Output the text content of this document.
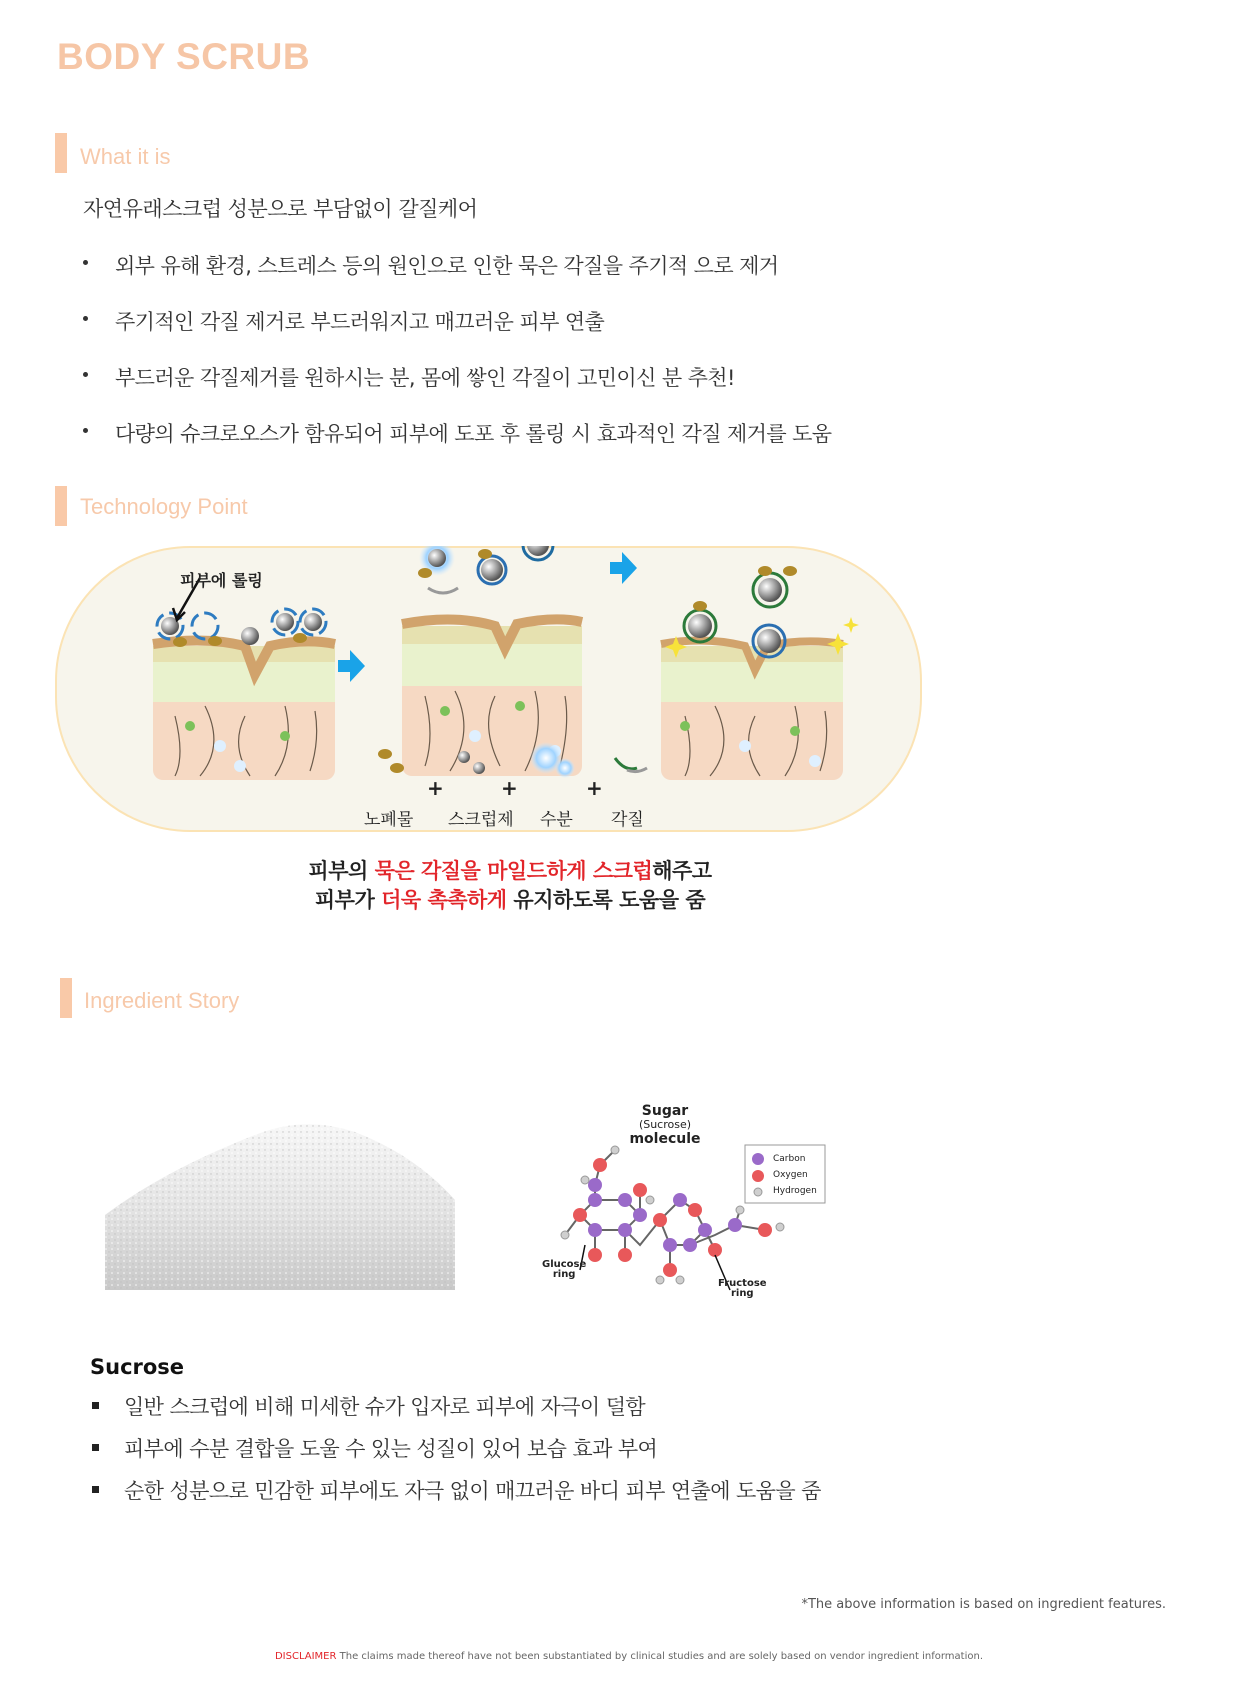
BODY SCRUB
What it is
자연유래스크럽 성분으로 부담없이 갈질케어
외부 유해 환경, 스트레스 등의 원인으로 인한 묵은 각질을 주기적 으로 제거
주기적인 각질 제거로 부드러워지고 매끄러운 피부 연출
부드러운 각질제거를 원하시는 분, 몸에 쌓인 각질이 고민이신 분 추천!
다량의 슈크로오스가 함유되어 피부에 도포 후 롤링 시 효과적인 각질 제거를 도움
Technology Point
피부에 롤링
+	+	+
노폐물 스크럽제 수분 각질
피부의 묵은 각질을 마일드하게 스크럽해주고
피부가 더욱 촉촉하게 유지하도록 도움을 줌
Ingredient Story
Sugar
(Sucrose)
molecule
Carbon
Oxygen
Hydrogen
Glucose
ring
Fructose
ring
Sucrose
일반 스크럽에 비해 미세한 슈가 입자로 피부에 자극이 덜함
피부에 수분 결합을 도울 수 있는 성질이 있어 보습 효과 부여
순한 성분으로 민감한 피부에도 자극 없이 매끄러운 바디 피부 연출에 도움을 줌
*The above information is based on ingredient features.
DISCLAIMER The claims made thereof have not been substantiated by clinical studies and are solely based on vendor ingredient information.
